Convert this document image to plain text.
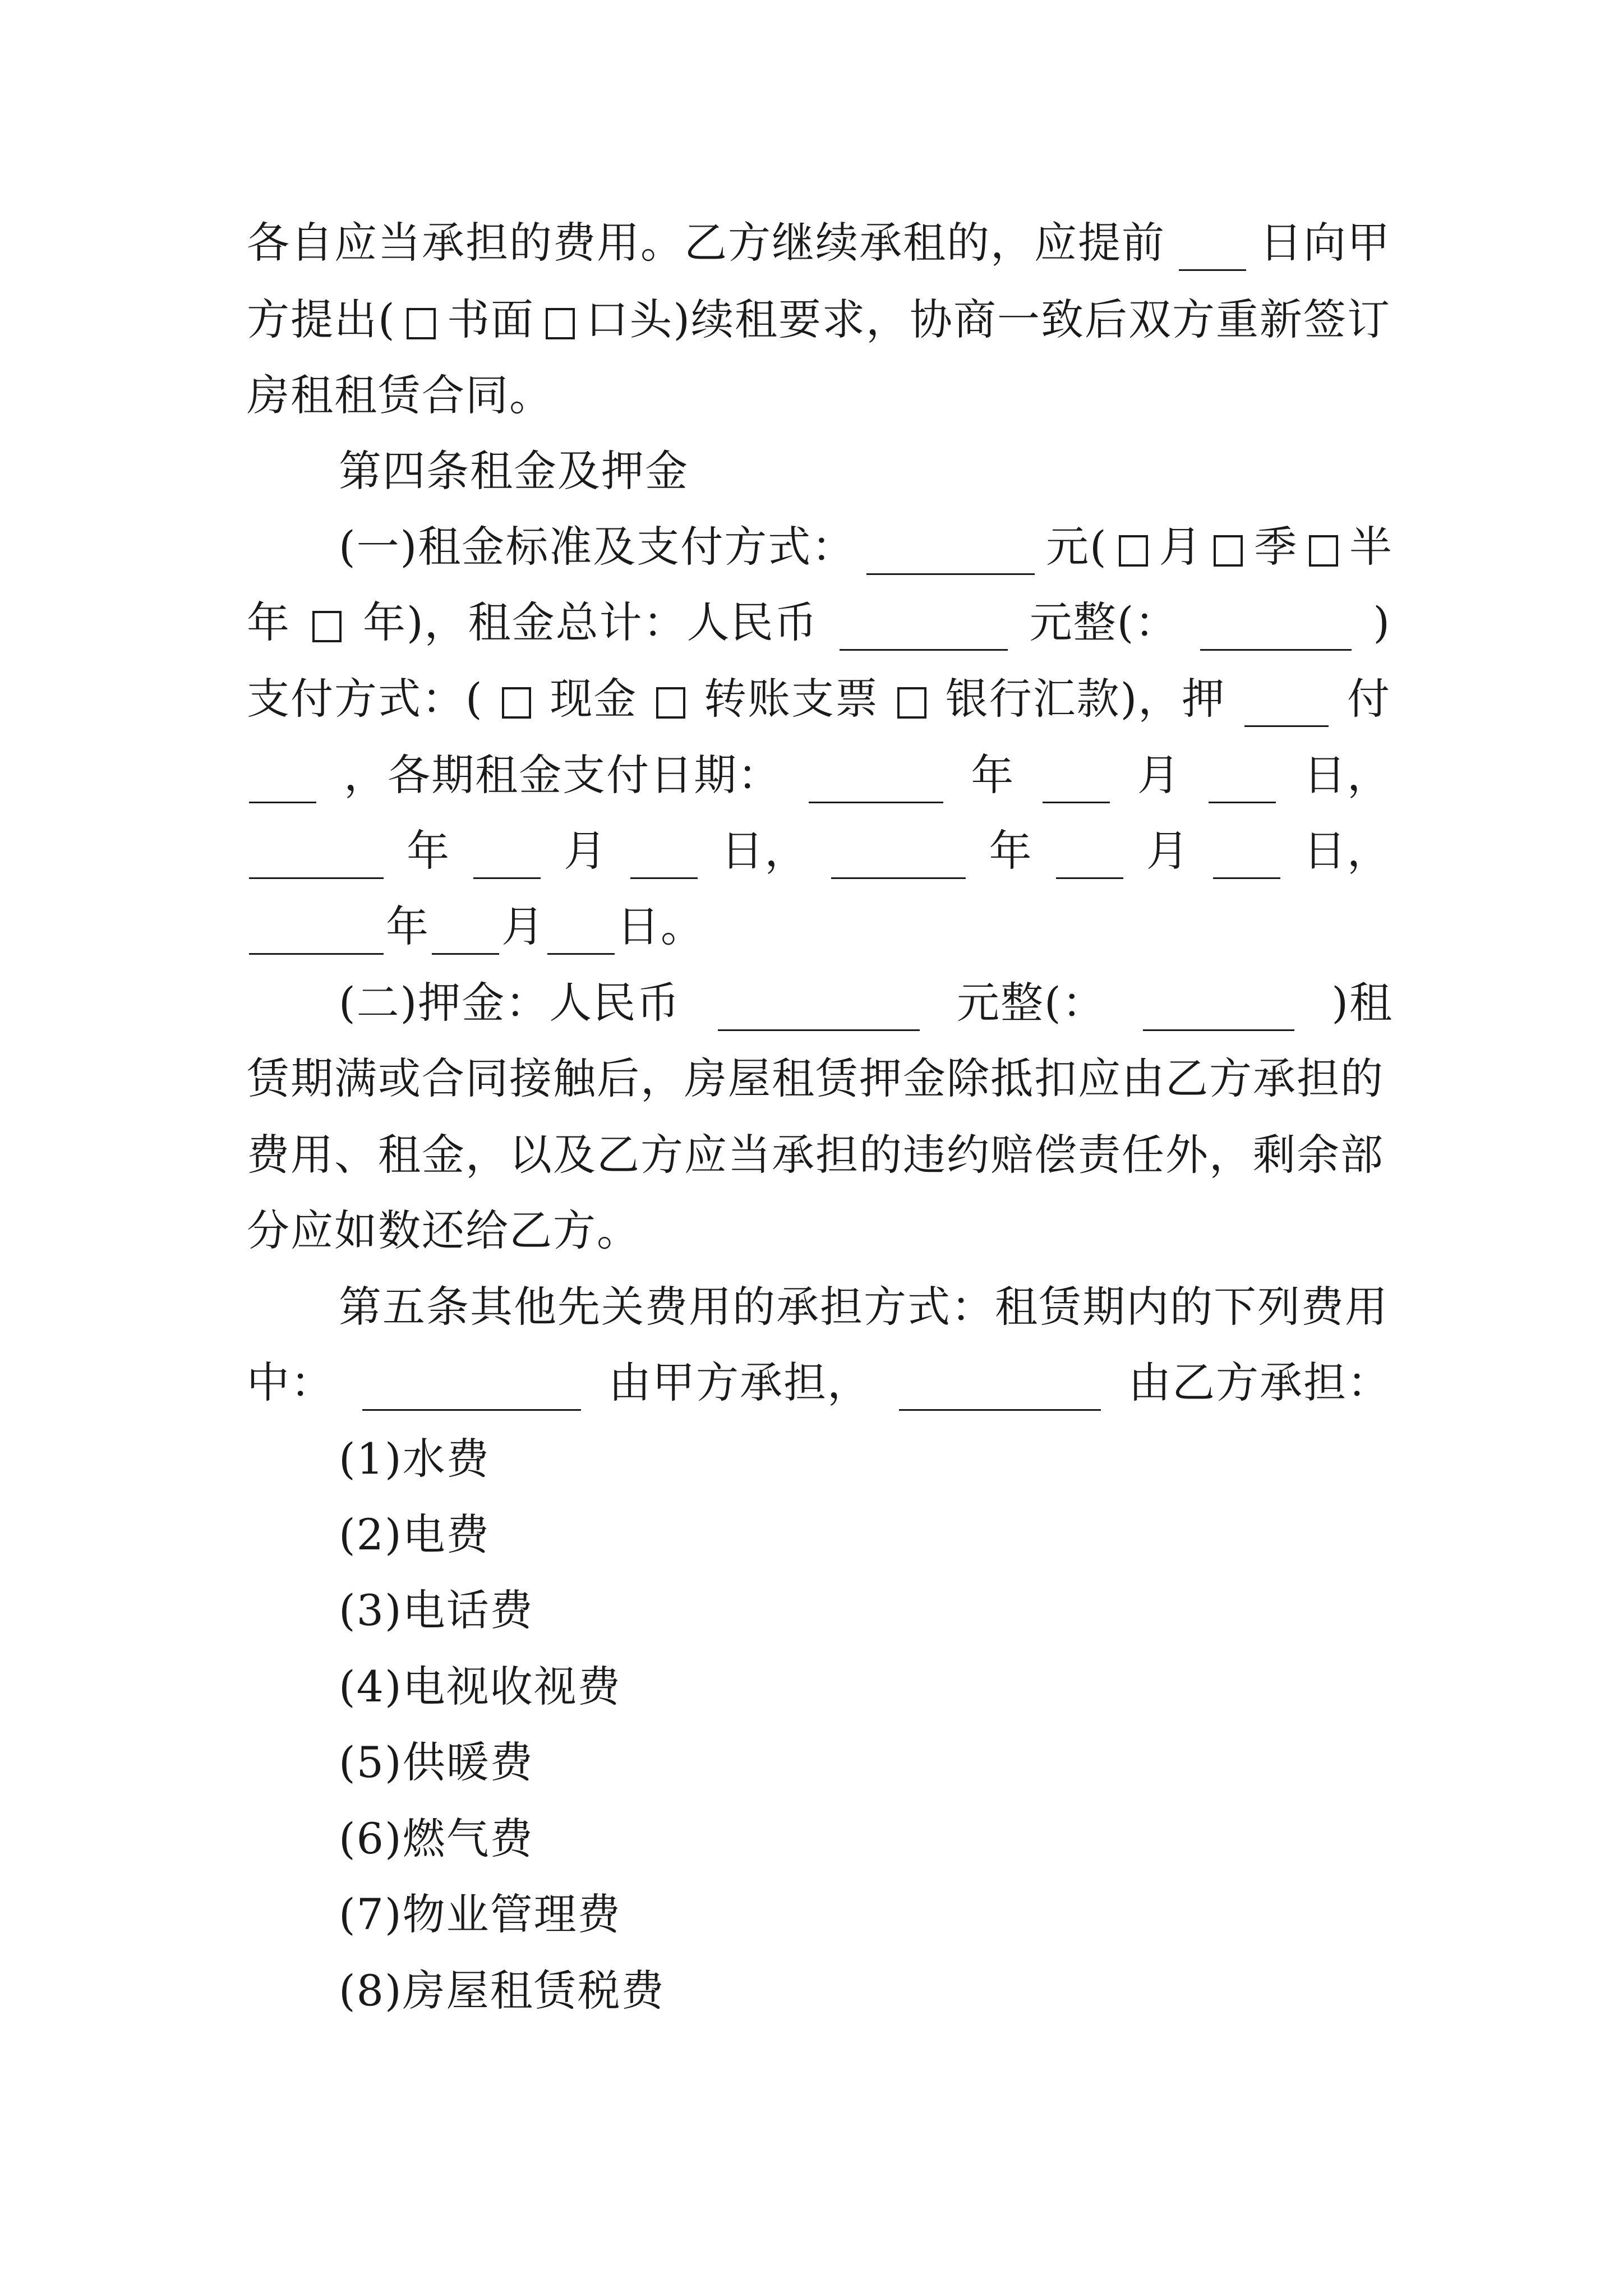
各自应当承担的费用。乙方继续承租的，应提前 日向甲
方提出( 书面 口头)续租要求，协商一致后双方重新签订
房租租赁合同。
第四条租金及押金
(一)租金标准及支付方式：	元( 月 季 半
年 年)，租金总计：人民币	元整(：	)
支付方式：( 现金 转账支票 银行汇款)，押	付
，各期租金支付日期：	年	月	日，
年	月	日，	年	月	日，
年 月 日。
(二)押金：人民币	元整(：	)租
赁期满或合同接触后，房屋租赁押金除抵扣应由乙方承担的
费用、租金，以及乙方应当承担的违约赔偿责任外，剩余部
分应如数还给乙方。
第五条其他先关费用的承担方式：租赁期内的下列费用
中：	由甲方承担，	由乙方承担：
(1)水费
(2)电费
(3)电话费
(4)电视收视费
(5)供暖费
(6)燃气费
(7)物业管理费
(8)房屋租赁税费
